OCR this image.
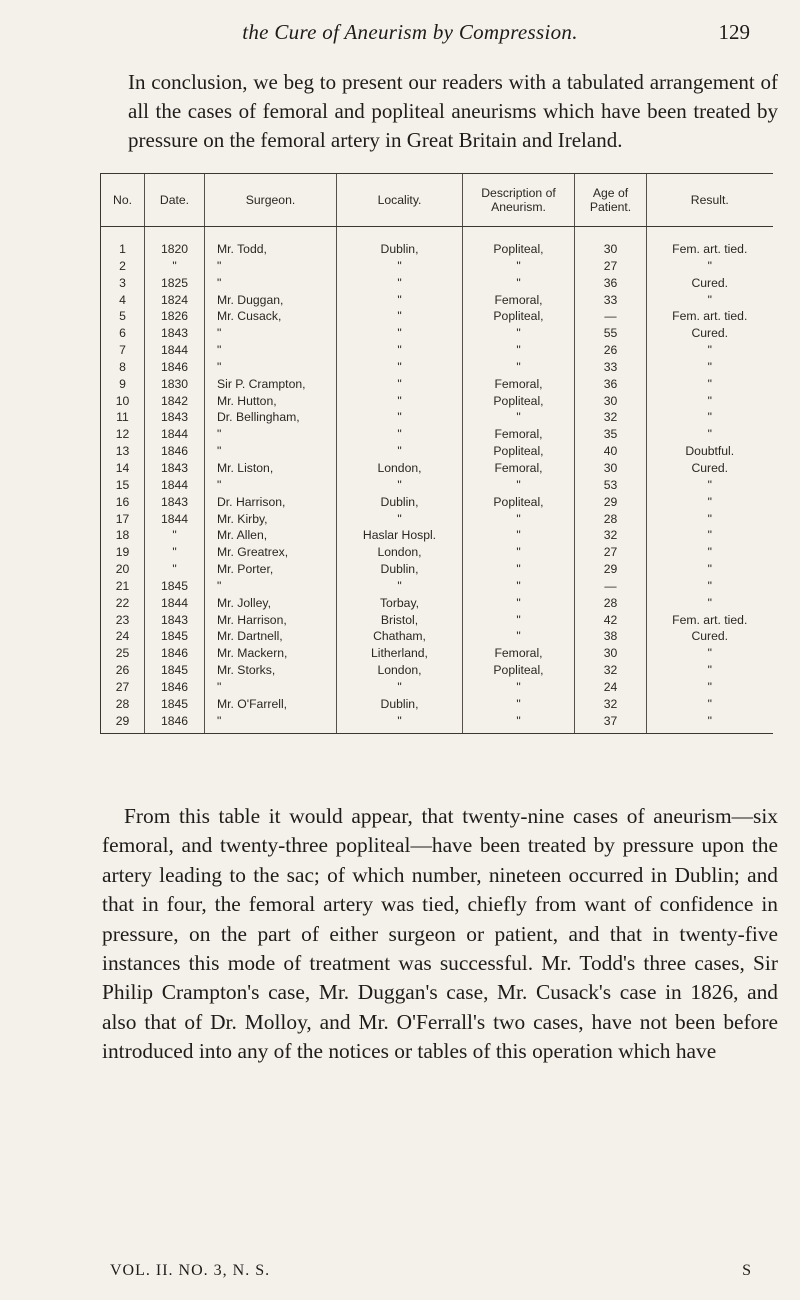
the Cure of Aneurism by Compression.	129
In conclusion, we beg to present our readers with a tabulated arrangement of all the cases of femoral and popliteal aneurisms which have been treated by pressure on the femoral artery in Great Britain and Ireland.
No.	Date.	Surgeon.	Locality.	Description of Aneurism.	Age of Patient.	Result.
1	1820	Mr. Todd,	Dublin,	Popliteal,	30	Fem. art. tied.
2	"	"	"	"	27	"
3	1825	"	"	"	36	Cured.
4	1824	Mr. Duggan,	"	Femoral,	33	"
5	1826	Mr. Cusack,	"	Popliteal,	—	Fem. art. tied.
6	1843	"	"	"	55	Cured.
7	1844	"	"	"	26	"
8	1846	"	"	"	33	"
9	1830	Sir P. Crampton,	"	Femoral,	36	"
10	1842	Mr. Hutton,	"	Popliteal,	30	"
11	1843	Dr. Bellingham,	"	"	32	"
12	1844	"	"	Femoral,	35	"
13	1846	"	"	Popliteal,	40	Doubtful.
14	1843	Mr. Liston,	London,	Femoral,	30	Cured.
15	1844	"	"	"	53	"
16	1843	Dr. Harrison,	Dublin,	Popliteal,	29	"
17	1844	Mr. Kirby,	"	"	28	"
18	"	Mr. Allen,	Haslar Hospl.	"	32	"
19	"	Mr. Greatrex,	London,	"	27	"
20	"	Mr. Porter,	Dublin,	"	29	"
21	1845	"	"	"	—	"
22	1844	Mr. Jolley,	Torbay,	"	28	"
23	1843	Mr. Harrison,	Bristol,	"	42	Fem. art. tied.
24	1845	Mr. Dartnell,	Chatham,	"	38	Cured.
25	1846	Mr. Mackern,	Litherland,	Femoral,	30	"
26	1845	Mr. Storks,	London,	Popliteal,	32	"
27	1846	"	"	"	24	"
28	1845	Mr. O'Farrell,	Dublin,	"	32	"
29	1846	"	"	"	37	"
From this table it would appear, that twenty-nine cases of aneurism—six femoral, and twenty-three popliteal—have been treated by pressure upon the artery leading to the sac; of which number, nineteen occurred in Dublin; and that in four, the femoral artery was tied, chiefly from want of confidence in pressure, on the part of either surgeon or patient, and that in twenty-five instances this mode of treatment was successful. Mr. Todd's three cases, Sir Philip Crampton's case, Mr. Duggan's case, Mr. Cusack's case in 1826, and also that of Dr. Molloy, and Mr. O'Ferrall's two cases, have not been before introduced into any of the notices or tables of this operation which have
VOL. II. NO. 3, N. S.	S
